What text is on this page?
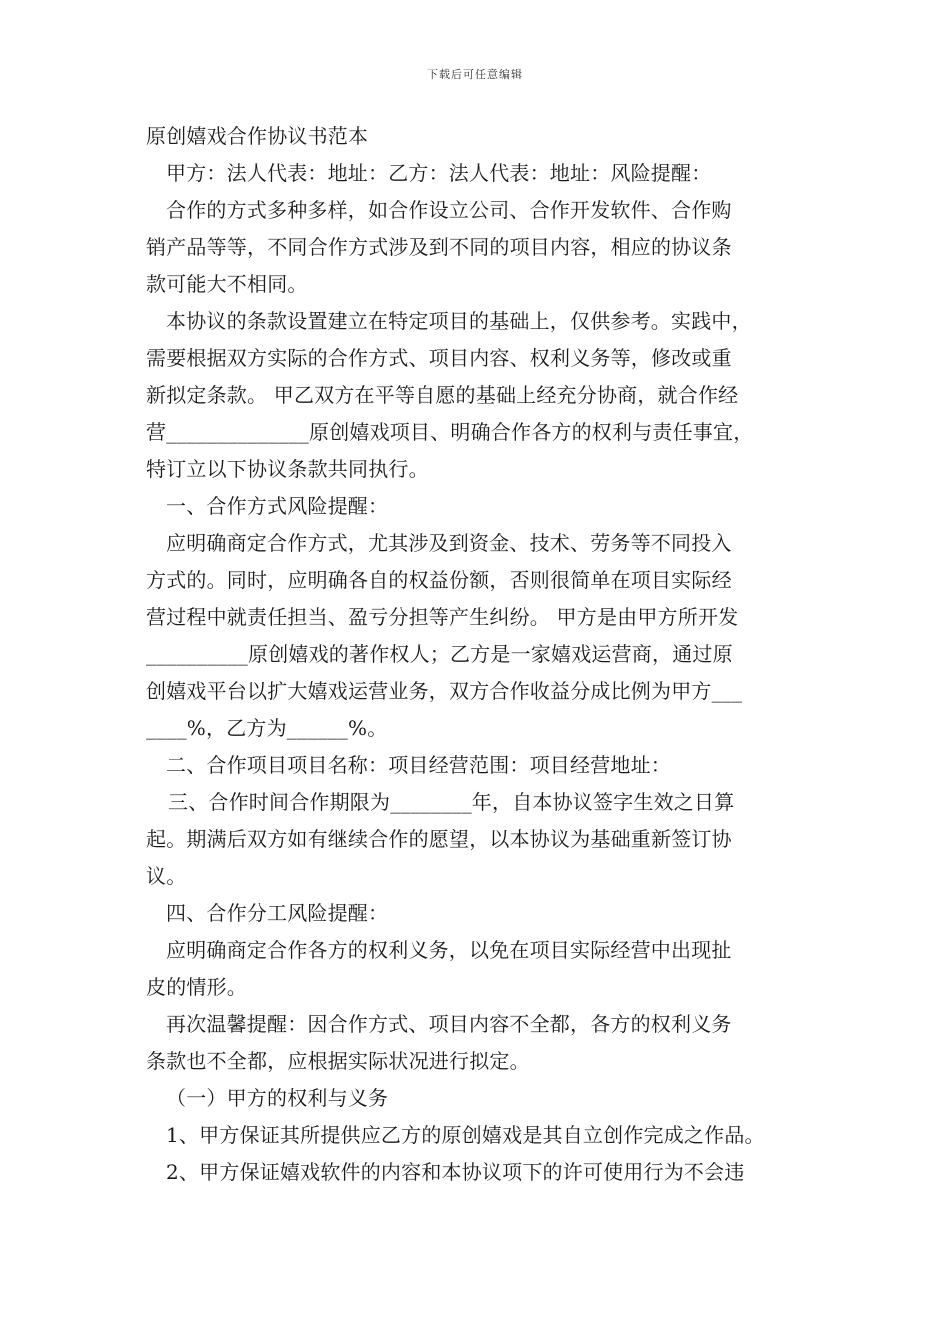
下载后可任意编辑
原创嬉戏合作协议书范本
甲方：法人代表：地址：乙方：法人代表：地址：风险提醒：
合作的方式多种多样，如合作设立公司、合作开发软件、合作购
销产品等等，不同合作方式涉及到不同的项目内容，相应的协议条
款可能大不相同。
本协议的条款设置建立在特定项目的基础上，仅供参考。实践中，
需要根据双方实际的合作方式、项目内容、权利义务等，修改或重
新拟定条款。 甲乙双方在平等自愿的基础上经充分协商，就合作经
营______________原创嬉戏项目、明确合作各方的权利与责任事宜，
特订立以下协议条款共同执行。
一、合作方式风险提醒：
应明确商定合作方式，尤其涉及到资金、技术、劳务等不同投入
方式的。同时，应明确各自的权益份额，否则很简单在项目实际经
营过程中就责任担当、盈亏分担等产生纠纷。 甲方是由甲方所开发
__________原创嬉戏的著作权人；乙方是一家嬉戏运营商，通过原
创嬉戏平台以扩大嬉戏运营业务，双方合作收益分成比例为甲方___
____%，乙方为______%。
二、合作项目项目名称：项目经营范围：项目经营地址：
三、合作时间合作期限为________年，自本协议签字生效之日算
起。期满后双方如有继续合作的愿望，以本协议为基础重新签订协
议。
四、合作分工风险提醒：
应明确商定合作各方的权利义务，以免在项目实际经营中出现扯
皮的情形。
再次温馨提醒：因合作方式、项目内容不全都，各方的权利义务
条款也不全都，应根据实际状况进行拟定。
（一）甲方的权利与义务
1、甲方保证其所提供应乙方的原创嬉戏是其自立创作完成之作品。
2、甲方保证嬉戏软件的内容和本协议项下的许可使用行为不会违
